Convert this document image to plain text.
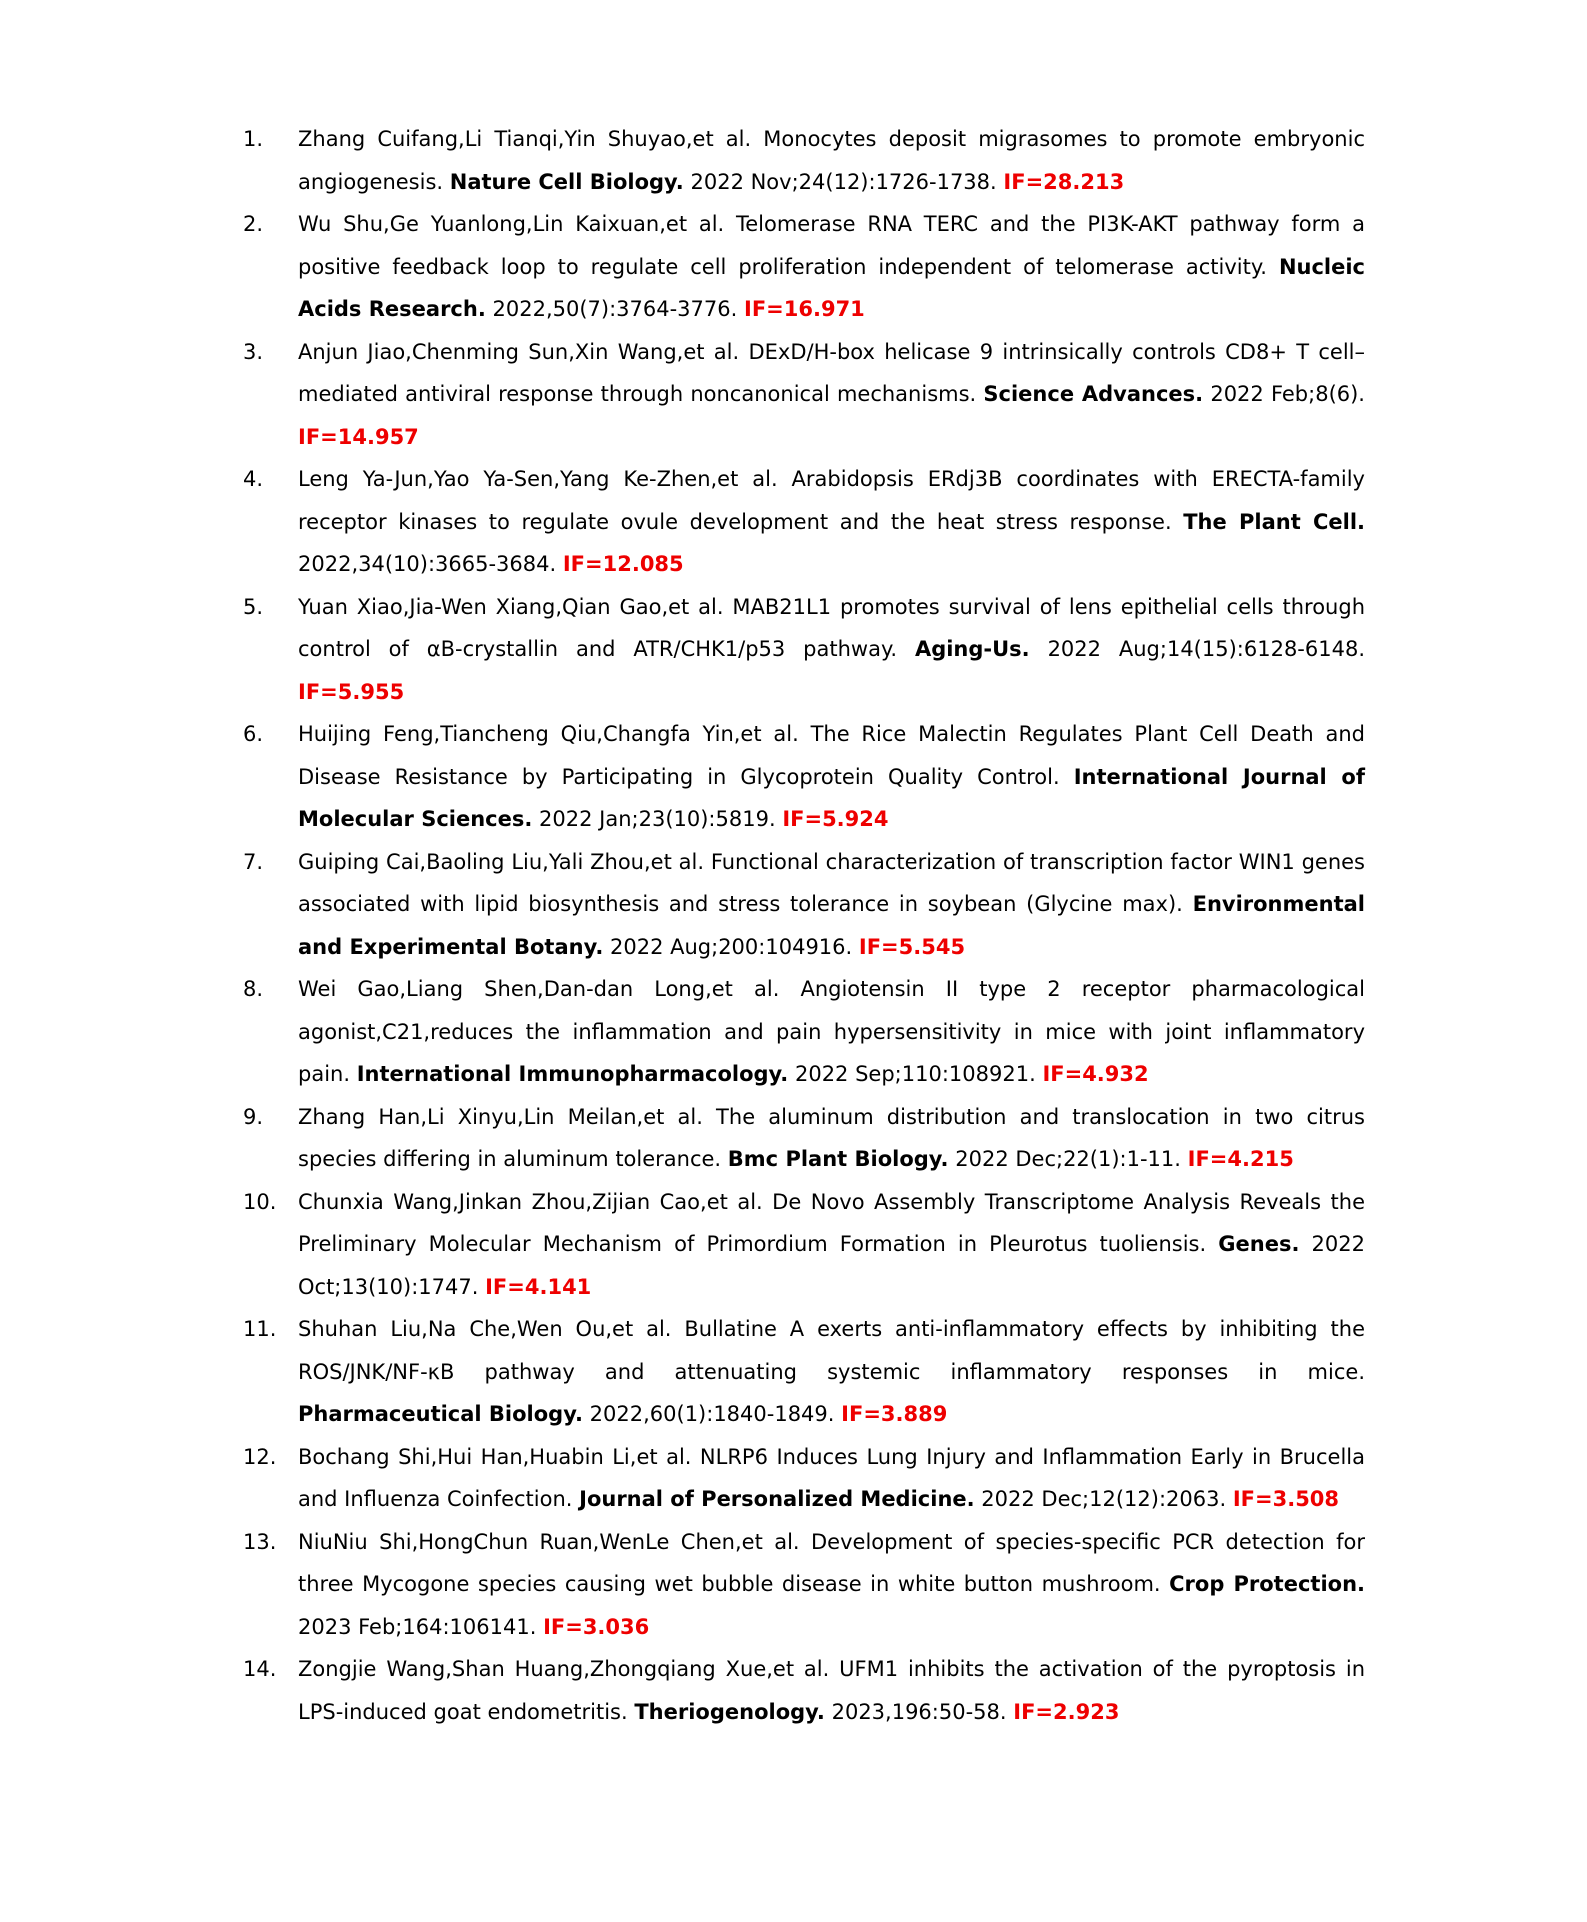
1.	Zhang Cuifang,Li Tianqi,Yin Shuyao,et al. Monocytes deposit migrasomes to promote embryonic angiogenesis. Nature Cell Biology. 2022 Nov;24(12):1726-1738. IF=28.213
2.	Wu Shu,Ge Yuanlong,Lin Kaixuan,et al. Telomerase RNA TERC and the PI3K-AKT pathway form a positive feedback loop to regulate cell proliferation independent of telomerase activity. Nucleic Acids Research. 2022,50(7):3764-3776. IF=16.971
3.	Anjun Jiao,Chenming Sun,Xin Wang,et al. DExD/H-box helicase 9 intrinsically controls CD8+ T cell–mediated antiviral response through noncanonical mechanisms. Science Advances. 2022 Feb;8(6). IF=14.957
4.	Leng Ya-Jun,Yao Ya-Sen,Yang Ke-Zhen,et al. Arabidopsis ERdj3B coordinates with ERECTA-family receptor kinases to regulate ovule development and the heat stress response. The Plant Cell. 2022,34(10):3665-3684. IF=12.085
5.	Yuan Xiao,Jia-Wen Xiang,Qian Gao,et al. MAB21L1 promotes survival of lens epithelial cells through control of αB-crystallin and ATR/CHK1/p53 pathway. Aging-Us. 2022 Aug;14(15):6128-6148. IF=5.955
6.	Huijing Feng,Tiancheng Qiu,Changfa Yin,et al. The Rice Malectin Regulates Plant Cell Death and Disease Resistance by Participating in Glycoprotein Quality Control. International Journal of Molecular Sciences. 2022 Jan;23(10):5819. IF=5.924
7.	Guiping Cai,Baoling Liu,Yali Zhou,et al. Functional characterization of transcription factor WIN1 genes associated with lipid biosynthesis and stress tolerance in soybean (Glycine max). Environmental and Experimental Botany. 2022 Aug;200:104916. IF=5.545
8.	Wei Gao,Liang Shen,Dan-dan Long,et al. Angiotensin II type 2 receptor pharmacological agonist,C21,reduces the inflammation and pain hypersensitivity in mice with joint inflammatory pain. International Immunopharmacology. 2022 Sep;110:108921. IF=4.932
9.	Zhang Han,Li Xinyu,Lin Meilan,et al. The aluminum distribution and translocation in two citrus species differing in aluminum tolerance. Bmc Plant Biology. 2022 Dec;22(1):1-11. IF=4.215
10.	Chunxia Wang,Jinkan Zhou,Zijian Cao,et al. De Novo Assembly Transcriptome Analysis Reveals the Preliminary Molecular Mechanism of Primordium Formation in Pleurotus tuoliensis. Genes. 2022 Oct;13(10):1747. IF=4.141
11.	Shuhan Liu,Na Che,Wen Ou,et al. Bullatine A exerts anti-inflammatory effects by inhibiting the ROS/JNK/NF-κB pathway and attenuating systemic inflammatory responses in mice. Pharmaceutical Biology. 2022,60(1):1840-1849. IF=3.889
12.	Bochang Shi,Hui Han,Huabin Li,et al. NLRP6 Induces Lung Injury and Inflammation Early in Brucella and Influenza Coinfection. Journal of Personalized Medicine. 2022 Dec;12(12):2063. IF=3.508
13.	NiuNiu Shi,HongChun Ruan,WenLe Chen,et al. Development of species-specific PCR detection for three Mycogone species causing wet bubble disease in white button mushroom. Crop Protection. 2023 Feb;164:106141. IF=3.036
14.	Zongjie Wang,Shan Huang,Zhongqiang Xue,et al. UFM1 inhibits the activation of the pyroptosis in LPS-induced goat endometritis. Theriogenology. 2023,196:50-58. IF=2.923
